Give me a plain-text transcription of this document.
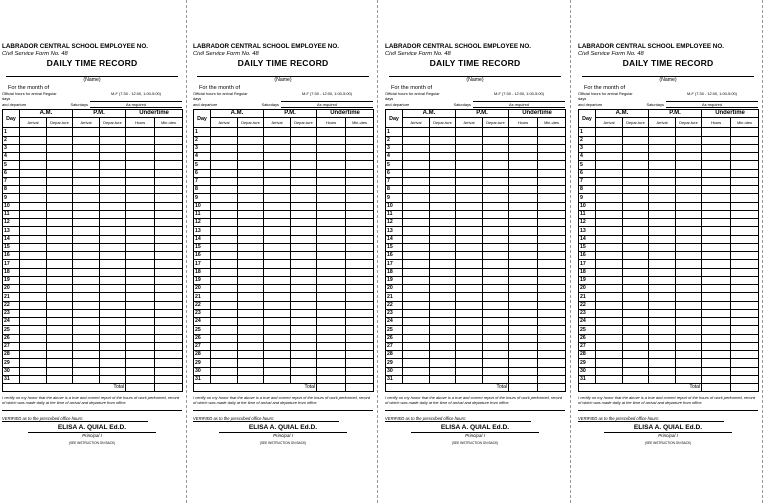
LABRADOR CENTRAL SCHOOL EMPLOYEE NO.
Civil Service Form No. 48
DAILY TIME RECORD
(Name)
For the month of
Official hours for arrival Regular days
M-F (7:30 - 12:00, 1:00-5:00)
and departure	Saturdays	As required
Day	A.M.		P.M.		Undertime	
	Arrival	Depar-ture	Arrival	Depar-ture	Hours	Min-utes
1						
2						
3						
4						
5						
6						
7						
8						
9						
10						
11						
12						
13						
14						
15						
16						
17						
18						
19						
20						
21						
22						
23						
24						
25						
26						
27						
28						
29						
30						
31						
Total						
I certify on my honor that the above is a true and correct report of the hours of work performed, record of which was made daily at the time of arrival and departure from office.
VERIFIED as to the prescribed office hours:
ELISA A. QUIAL Ed.D.
Principal I
(SEE INSTRUCTION ON BACK)
LABRADOR CENTRAL SCHOOL EMPLOYEE NO.
Civil Service Form No. 48
DAILY TIME RECORD
(Name)
For the month of
Official hours for arrival Regular days
M-F (7:30 - 12:00, 1:00-5:00)
and departure	Saturdays	As required
Day	A.M.		P.M.		Undertime	
	Arrival	Depar-ture	Arrival	Depar-ture	Hours	Min-utes
1						
2						
3						
4						
5						
6						
7						
8						
9						
10						
11						
12						
13						
14						
15						
16						
17						
18						
19						
20						
21						
22						
23						
24						
25						
26						
27						
28						
29						
30						
31						
Total						
I certify on my honor that the above is a true and correct report of the hours of work performed, record of which was made daily at the time of arrival and departure from office.
VERIFIED as to the prescribed office hours:
ELISA A. QUIAL Ed.D.
Principal I
(SEE INSTRUCTION ON BACK)
LABRADOR CENTRAL SCHOOL EMPLOYEE NO.
Civil Service Form No. 48
DAILY TIME RECORD
(Name)
For the month of
Official hours for arrival Regular days
M-F (7:30 - 12:00, 1:00-5:00)
and departure	Saturdays	As required
Day	A.M.		P.M.		Undertime	
	Arrival	Depar-ture	Arrival	Depar-ture	Hours	Min-utes
1						
2						
3						
4						
5						
6						
7						
8						
9						
10						
11						
12						
13						
14						
15						
16						
17						
18						
19						
20						
21						
22						
23						
24						
25						
26						
27						
28						
29						
30						
31						
Total						
I certify on my honor that the above is a true and correct report of the hours of work performed, record of which was made daily at the time of arrival and departure from office.
VERIFIED as to the prescribed office hours:
ELISA A. QUIAL Ed.D.
Principal I
(SEE INSTRUCTION ON BACK)
LABRADOR CENTRAL SCHOOL EMPLOYEE NO.
Civil Service Form No. 48
DAILY TIME RECORD
(Name)
For the month of
Official hours for arrival Regular days
M-F (7:30 - 12:00, 1:00-5:00)
and departure	Saturdays	As required
Day	A.M.		P.M.		Undertime	
	Arrival	Depar-ture	Arrival	Depar-ture	Hours	Min-utes
1						
2						
3						
4						
5						
6						
7						
8						
9						
10						
11						
12						
13						
14						
15						
16						
17						
18						
19						
20						
21						
22						
23						
24						
25						
26						
27						
28						
29						
30						
31						
Total						
I certify on my honor that the above is a true and correct report of the hours of work performed, record of which was made daily at the time of arrival and departure from office.
VERIFIED as to the prescribed office hours:
ELISA A. QUIAL Ed.D.
Principal I
(SEE INSTRUCTION ON BACK)
